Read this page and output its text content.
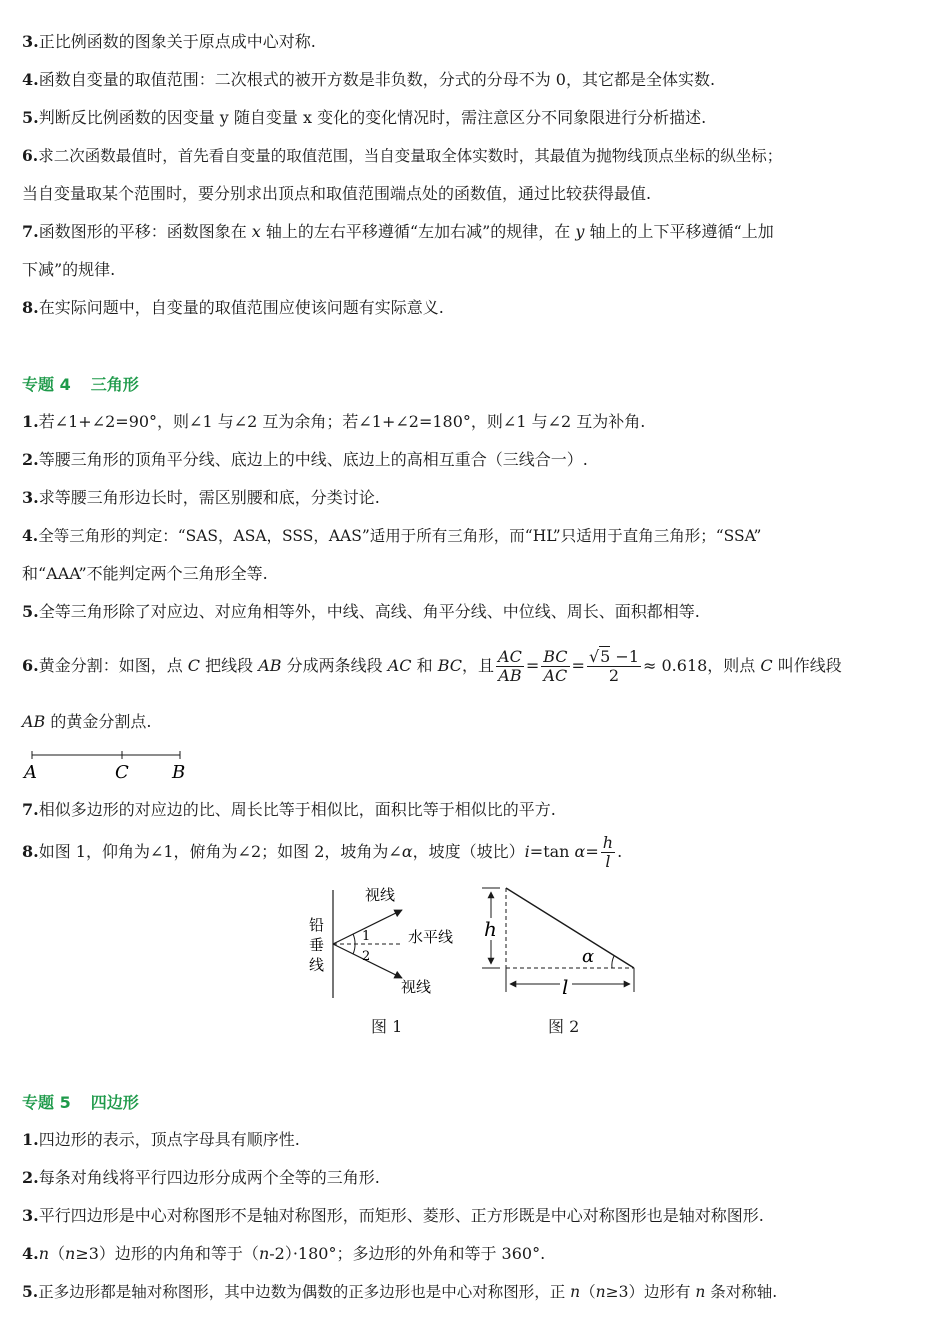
3.正比例函数的图象关于原点成中心对称.
4.函数自变量的取值范围：二次根式的被开方数是非负数，分式的分母不为 0，其它都是全体实数.
5.判断反比例函数的因变量 y 随自变量 x 变化的变化情况时，需注意区分不同象限进行分析描述.
6.求二次函数最值时，首先看自变量的取值范围，当自变量取全体实数时，其最值为抛物线顶点坐标的纵坐标；
当自变量取某个范围时，要分别求出顶点和取值范围端点处的函数值，通过比较获得最值.
7.函数图形的平移：函数图象在 x 轴上的左右平移遵循“左加右减”的规律，在 y 轴上的上下平移遵循“上加
下减”的规律.
8.在实际问题中，自变量的取值范围应使该问题有实际意义.
专题 4 三角形
1.若∠1+∠2=90°，则∠1 与∠2 互为余角；若∠1+∠2=180°，则∠1 与∠2 互为补角.
2.等腰三角形的顶角平分线、底边上的中线、底边上的高相互重合（三线合一）.
3.求等腰三角形边长时，需区别腰和底，分类讨论.
4.全等三角形的判定：“SAS，ASA，SSS，AAS”适用于所有三角形，而“HL”只适用于直角三角形；“SSA”
和“AAA”不能判定两个三角形全等.
5.全等三角形除了对应边、对应角相等外，中线、高线、角平分线、中位线、周长、面积都相等.
6.黄金分割：如图，点 C 把线段 AB 分成两条线段 AC 和 BC，且 $\frac{AC}{AB} = \frac{BC}{AC} = \frac{√5 -1}{2} \approx 0.618$，则点 C 叫作线段
AB 的黄金分割点.
A	C B
7.相似多边形的对应边的比、周长比等于相似比，面积比等于相似比的平方.
8.如图 1，仰角为∠1，俯角为∠2；如图 2，坡角为∠α，坡度（坡比）i=tan $\alpha= \frac{h}{l}$ .
铅
垂
线
视线
视线
水平线
1
2
图 1
h
l
α
图 2
专题 5 四边形
1.四边形的表示，顶点字母具有顺序性.
2.每条对角线将平行四边形分成两个全等的三角形.
3.平行四边形是中心对称图形不是轴对称图形，而矩形、菱形、正方形既是中心对称图形也是轴对称图形.
4.n（n≥3）边形的内角和等于（n-2）·180°；多边形的外角和等于 360°.
5.正多边形都是轴对称图形，其中边数为偶数的正多边形也是中心对称图形，正 n（n≥3）边形有 n 条对称轴.
